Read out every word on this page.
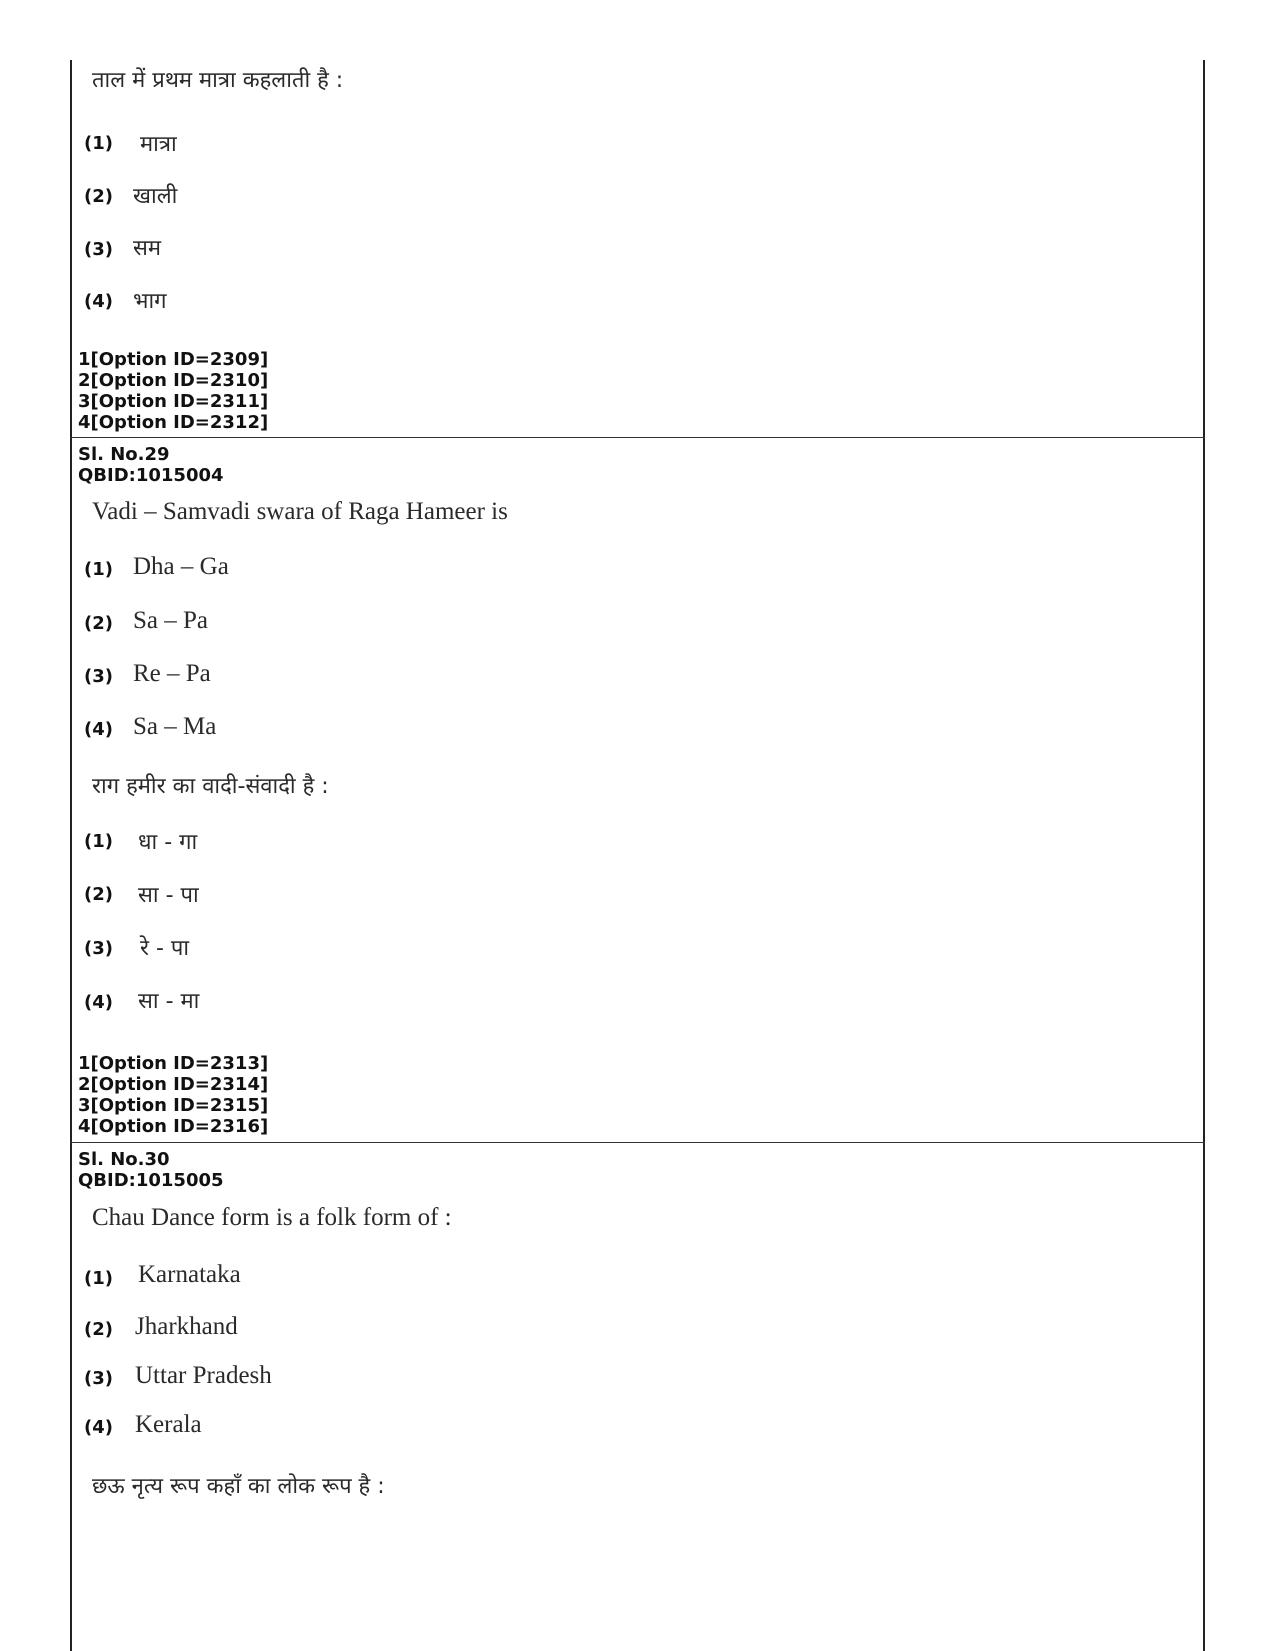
ताल में प्रथम मात्रा कहलाती है :
(1) मात्रा
(2) खाली
(3) सम
(4) भाग
1[Option ID=2309]
2[Option ID=2310]
3[Option ID=2311]
4[Option ID=2312]
Sl. No.29
QBID:1015004
Vadi – Samvadi swara of Raga Hameer is
(1) Dha – Ga
(2) Sa – Pa
(3) Re – Pa
(4) Sa – Ma
राग हमीर का वादी-संवादी है :
(1) धा - गा
(2) सा - पा
(3) रे - पा
(4) सा - मा
1[Option ID=2313]
2[Option ID=2314]
3[Option ID=2315]
4[Option ID=2316]
Sl. No.30
QBID:1015005
Chau Dance form is a folk form of :
(1) Karnataka
(2) Jharkhand
(3) Uttar Pradesh
(4) Kerala
छऊ नृत्य रूप कहाँ का लोक रूप है :
